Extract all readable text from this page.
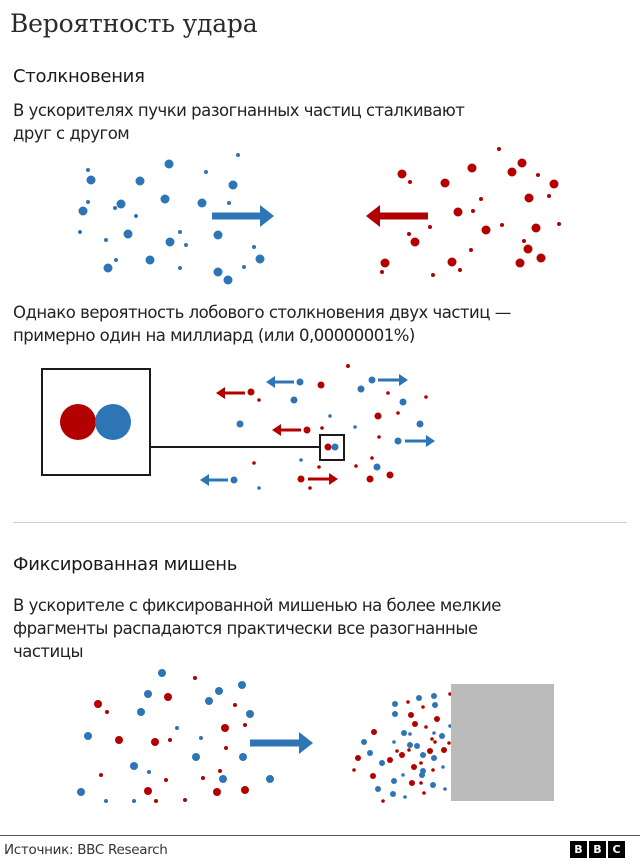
Вероятность удара
Столкновения
В ускорителях пучки разогнанных частиц сталкивают
друг с другом
Однако вероятность лобового столкновения двух частиц —
примерно один на миллиард (или 0,00000001%)
Фиксированная мишень
В ускорителе с фиксированной мишенью на более мелкие
фрагменты распадаются практически все разогнанные
частицы
Источник: BBC Research	B B C
